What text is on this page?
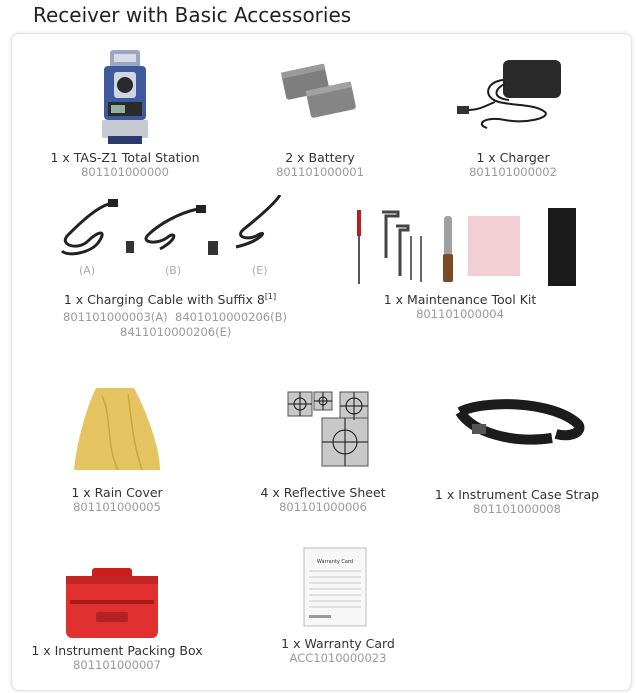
Receiver with Basic Accessories
1 x TAS-Z1 Total Station
801101000000
2 x Battery
801101000001
1 x Charger
801101000002
(A)	(B)	(E)
1 x Charging Cable with Suffix 8[1]
801101000003(A) 8401010000206(B)
8411010000206(E)
1 x Maintenance Tool Kit
801101000004
1 x Rain Cover
801101000005
4 x Reflective Sheet
801101000006
1 x Instrument Case Strap
801101000008
1 x Instrument Packing Box
801101000007
Warranty Card
1 x Warranty Card
ACC1010000023
